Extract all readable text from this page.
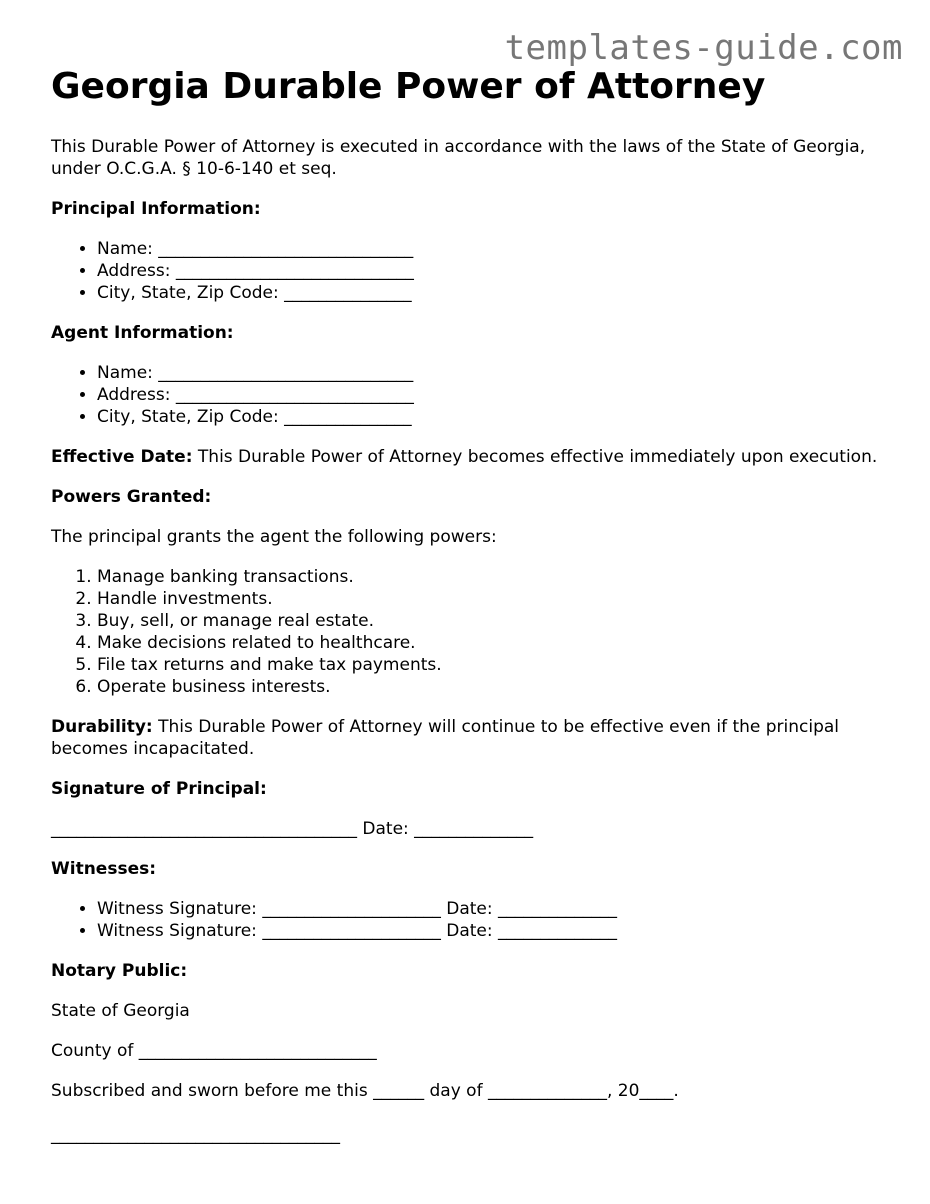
templates-guide.com
Georgia Durable Power of Attorney

This Durable Power of Attorney is executed in accordance with the laws of the State of Georgia, under O.C.G.A. § 10-6-140 et seq.

Principal Information:

• Name: ______________________________
• Address: ____________________________
• City, State, Zip Code: _______________

Agent Information:

• Name: ______________________________
• Address: ____________________________
• City, State, Zip Code: _______________

Effective Date: This Durable Power of Attorney becomes effective immediately upon execution.

Powers Granted:

The principal grants the agent the following powers:

1. Manage banking transactions.
2. Handle investments.
3. Buy, sell, or manage real estate.
4. Make decisions related to healthcare.
5. File tax returns and make tax payments.
6. Operate business interests.

Durability: This Durable Power of Attorney will continue to be effective even if the principal becomes incapacitated.

Signature of Principal:

____________________________________ Date: ______________

Witnesses:

• Witness Signature: _____________________ Date: ______________
• Witness Signature: _____________________ Date: ______________

Notary Public:

State of Georgia

County of ____________________________

Subscribed and sworn before me this ______ day of ______________, 20____.

__________________________________
